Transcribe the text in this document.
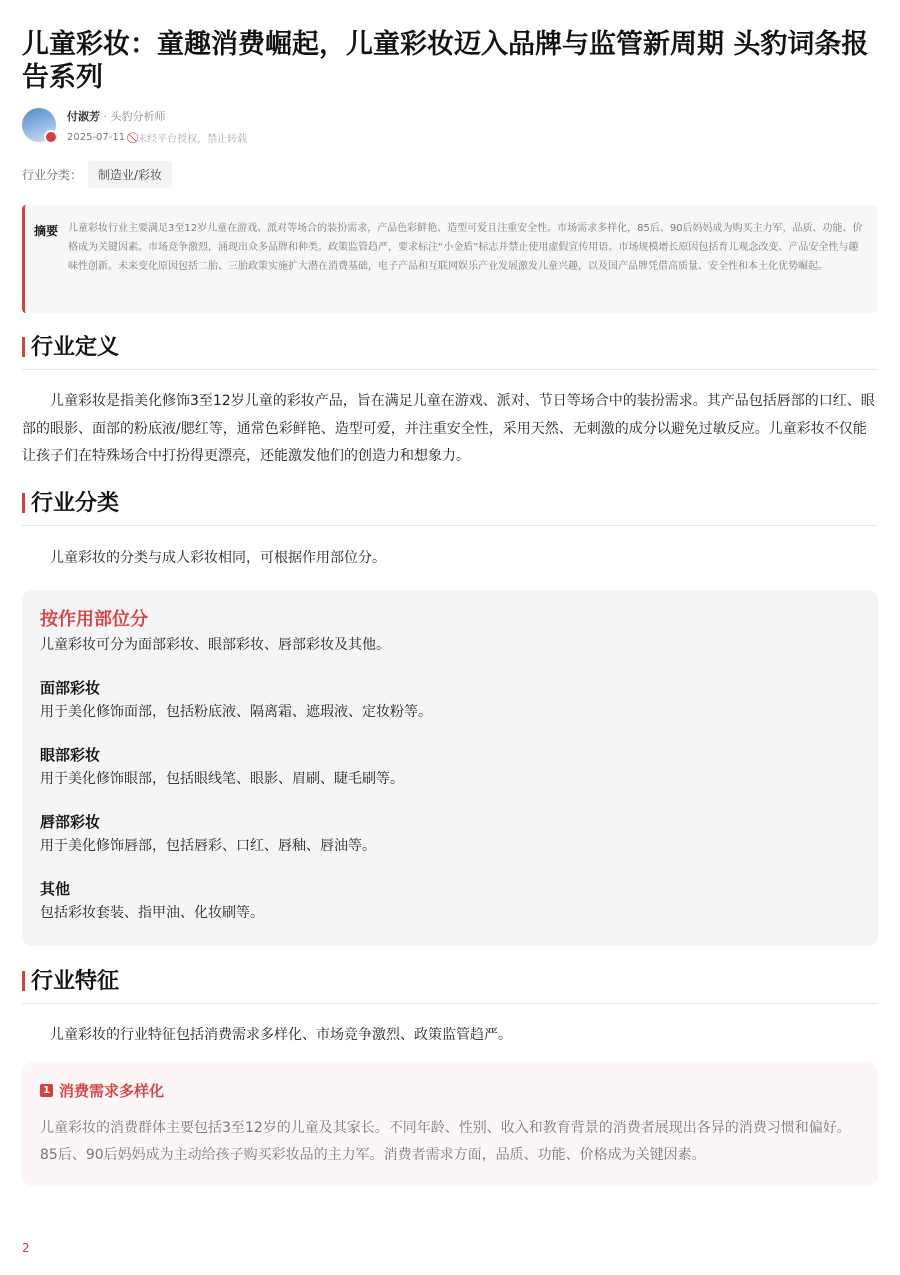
儿童彩妆：童趣消费崛起，儿童彩妆迈入品牌与监管新周期 头豹词条报告系列
付淑芳 · 头豹分析师
2025-07-11 未经平台授权，禁止转载
行业分类：	制造业/彩妆
摘要 儿童彩妆行业主要满足3至12岁儿童在游戏、派对等场合的装扮需求，产品色彩鲜艳、造型可爱且注重安全性。市场需求多样化，85后、90后妈妈成为购买主力军，品质、功能、价格成为关键因素。市场竞争激烈，涌现出众多品牌和种类。政策监管趋严，要求标注“小金盾”标志并禁止使用虚假宣传用语。市场规模增长原因包括育儿观念改变、产品安全性与趣味性创新。未来变化原因包括二胎、三胎政策实施扩大潜在消费基础，电子产品和互联网娱乐产业发展激发儿童兴趣，以及国产品牌凭借高质量、安全性和本土化优势崛起。
行业定义

儿童彩妆是指美化修饰3至12岁儿童的彩妆产品，旨在满足儿童在游戏、派对、节日等场合中的装扮需求。其产品包括唇部的口红、眼部的眼影、面部的粉底液/腮红等，通常色彩鲜艳、造型可爱，并注重安全性，采用天然、无刺激的成分以避免过敏反应。儿童彩妆不仅能让孩子们在特殊场合中打扮得更漂亮，还能激发他们的创造力和想象力。

行业分类

儿童彩妆的分类与成人彩妆相同，可根据作用部位分。

按作用部位分
儿童彩妆可分为面部彩妆、眼部彩妆、唇部彩妆及其他。
面部彩妆
用于美化修饰面部，包括粉底液、隔离霜、遮瑕液、定妆粉等。
眼部彩妆
用于美化修饰眼部，包括眼线笔、眼影、眉刷、睫毛刷等。
唇部彩妆
用于美化修饰唇部，包括唇彩、口红、唇釉、唇油等。
其他
包括彩妆套装、指甲油、化妆刷等。
行业特征

儿童彩妆的行业特征包括消费需求多样化、市场竞争激烈、政策监管趋严。

1 消费需求多样化
儿童彩妆的消费群体主要包括3至12岁的儿童及其家长。不同年龄、性别、收入和教育背景的消费者展现出各异的消费习惯和偏好。85后、90后妈妈成为主动给孩子购买彩妆品的主力军。消费者需求方面，品质、功能、价格成为关键因素。
2
